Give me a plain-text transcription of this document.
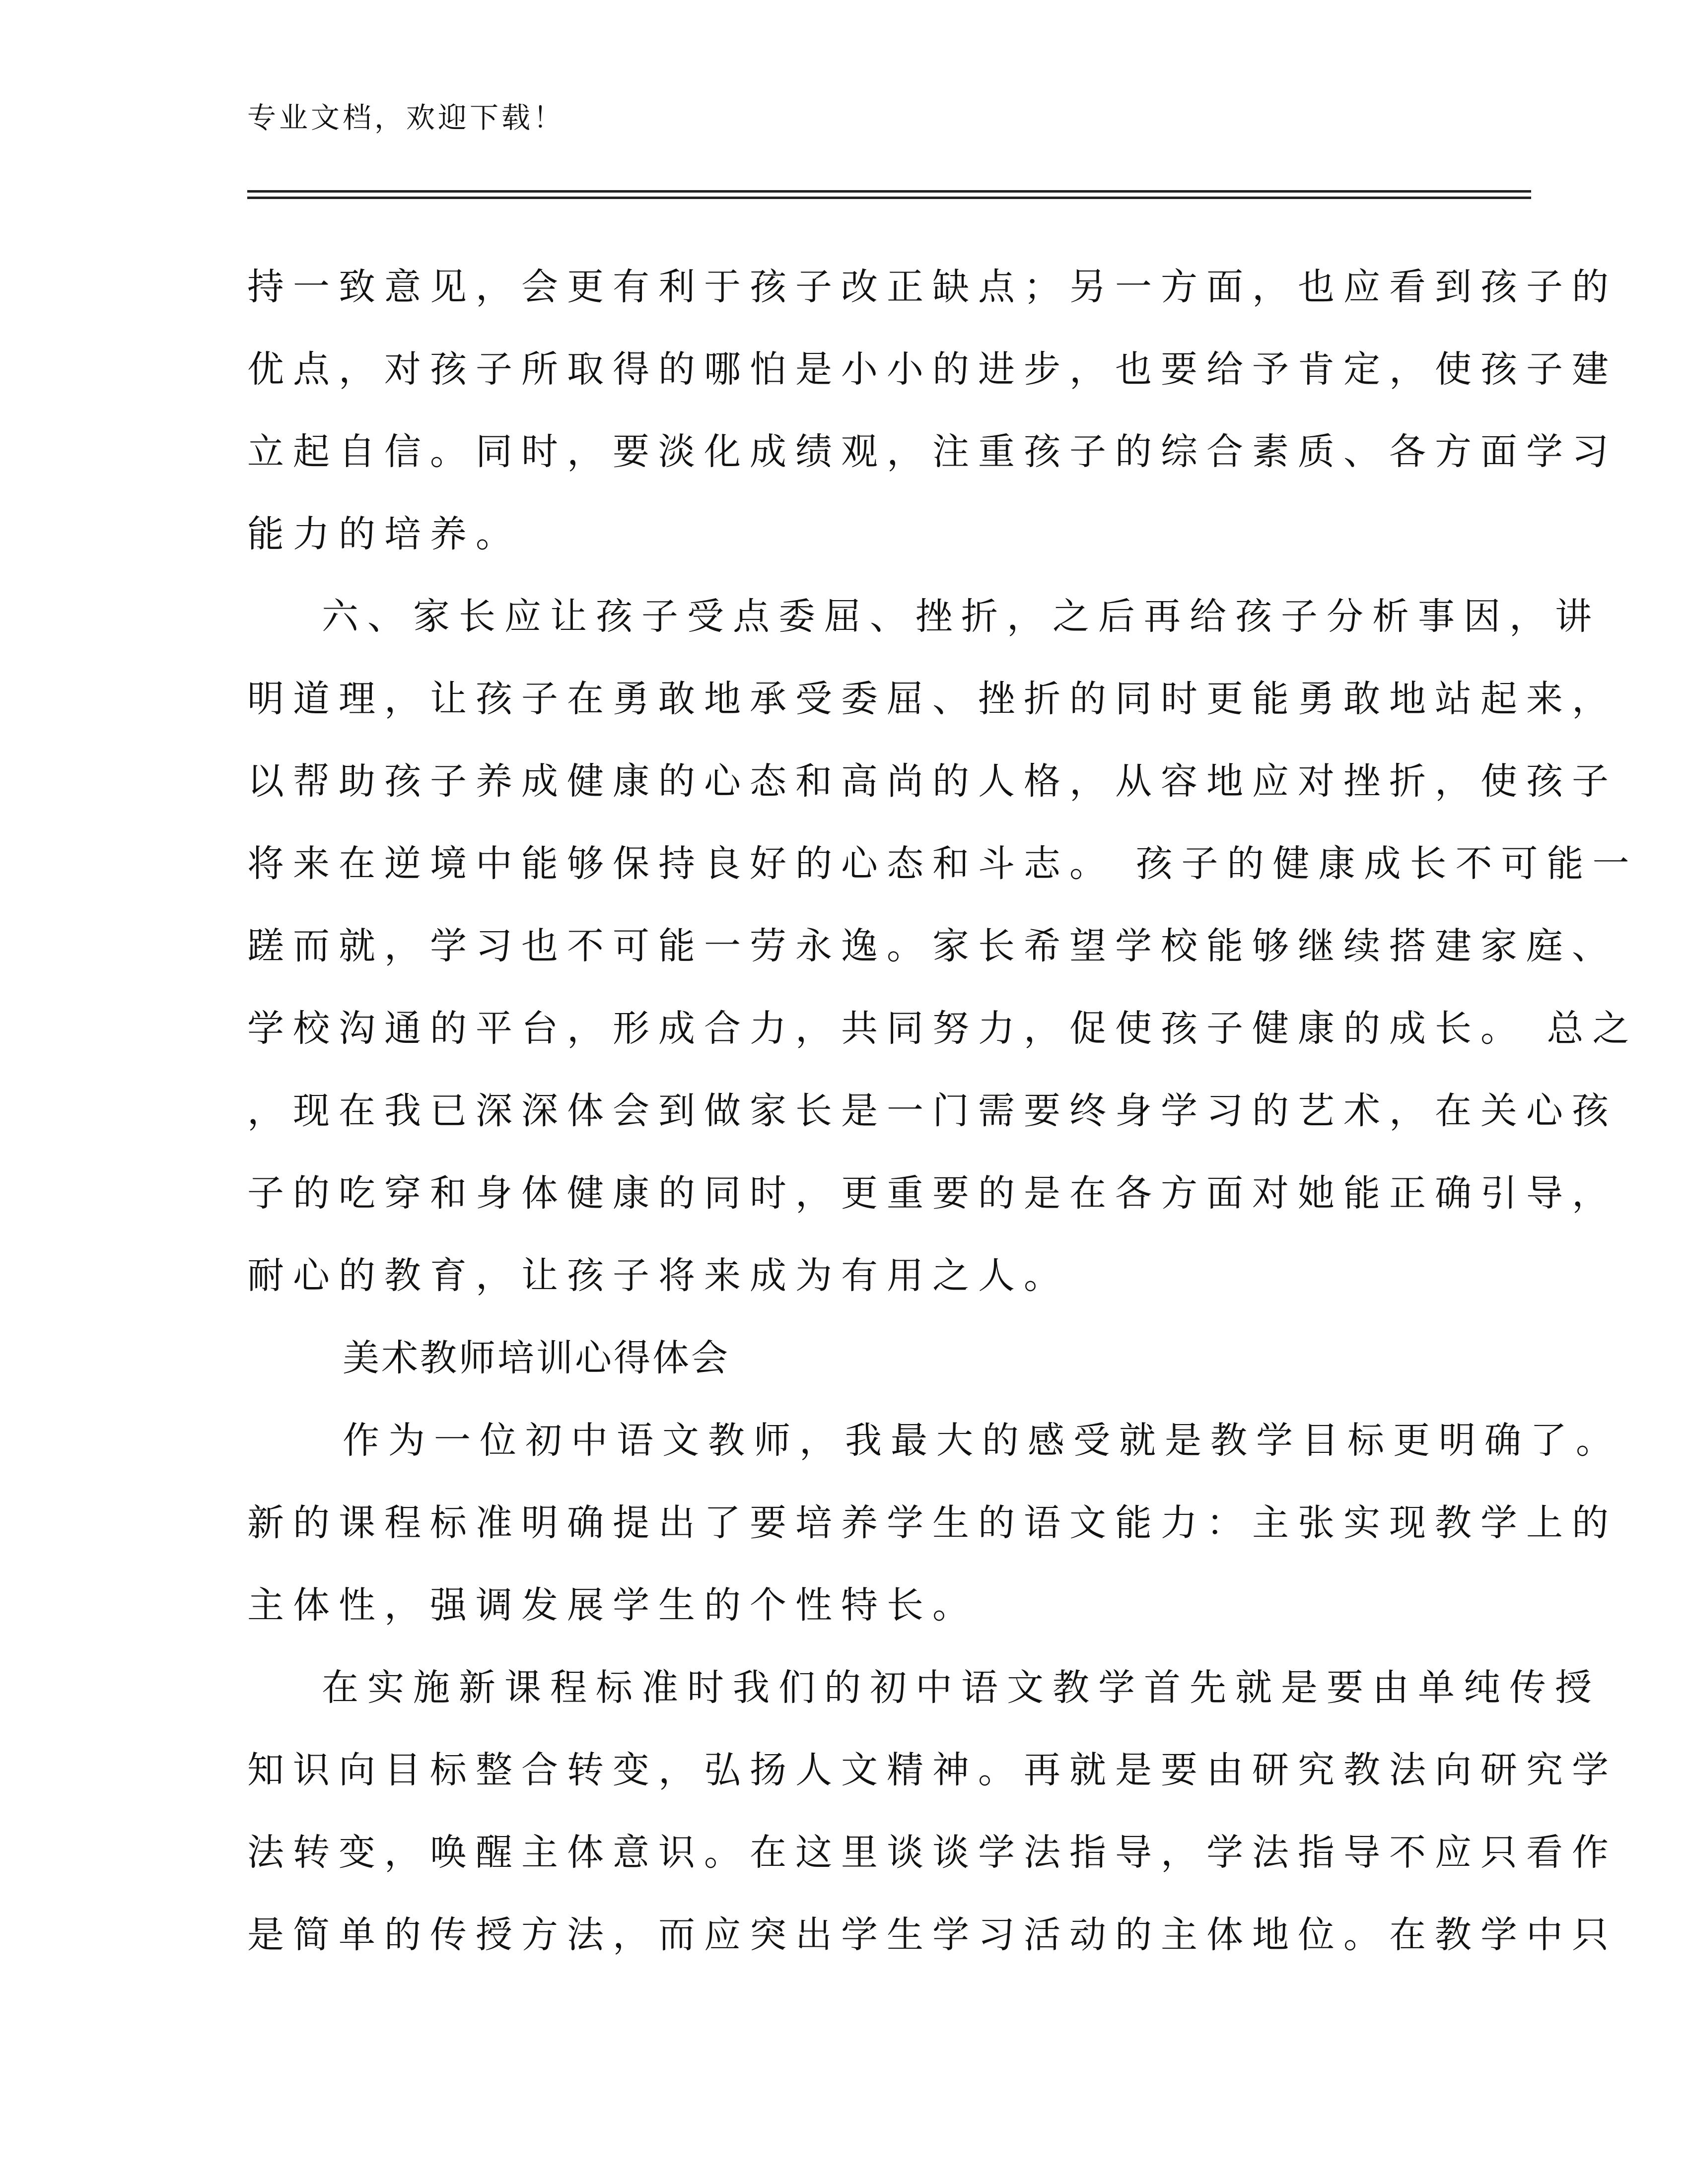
专业文档，欢迎下载！
持一致意见，会更有利于孩子改正缺点；另一方面，也应看到孩子的
优点，对孩子所取得的哪怕是小小的进步，也要给予肯定，使孩子建
立起自信。同时，要淡化成绩观，注重孩子的综合素质、各方面学习
能力的培养。
六、家长应让孩子受点委屈、挫折，之后再给孩子分析事因，讲
明道理，让孩子在勇敢地承受委屈、挫折的同时更能勇敢地站起来，
以帮助孩子养成健康的心态和高尚的人格，从容地应对挫折，使孩子
将来在逆境中能够保持良好的心态和斗志。 孩子的健康成长不可能一
蹉而就，学习也不可能一劳永逸。家长希望学校能够继续搭建家庭、
学校沟通的平台，形成合力，共同努力，促使孩子健康的成长。 总之
，现在我已深深体会到做家长是一门需要终身学习的艺术，在关心孩
子的吃穿和身体健康的同时，更重要的是在各方面对她能正确引导，
耐心的教育，让孩子将来成为有用之人。
美术教师培训心得体会
作为一位初中语文教师，我最大的感受就是教学目标更明确了。
新的课程标准明确提出了要培养学生的语文能力：主张实现教学上的
主体性，强调发展学生的个性特长。
在实施新课程标准时我们的初中语文教学首先就是要由单纯传授
知识向目标整合转变，弘扬人文精神。再就是要由研究教法向研究学
法转变，唤醒主体意识。在这里谈谈学法指导，学法指导不应只看作
是简单的传授方法，而应突出学生学习活动的主体地位。在教学中只
